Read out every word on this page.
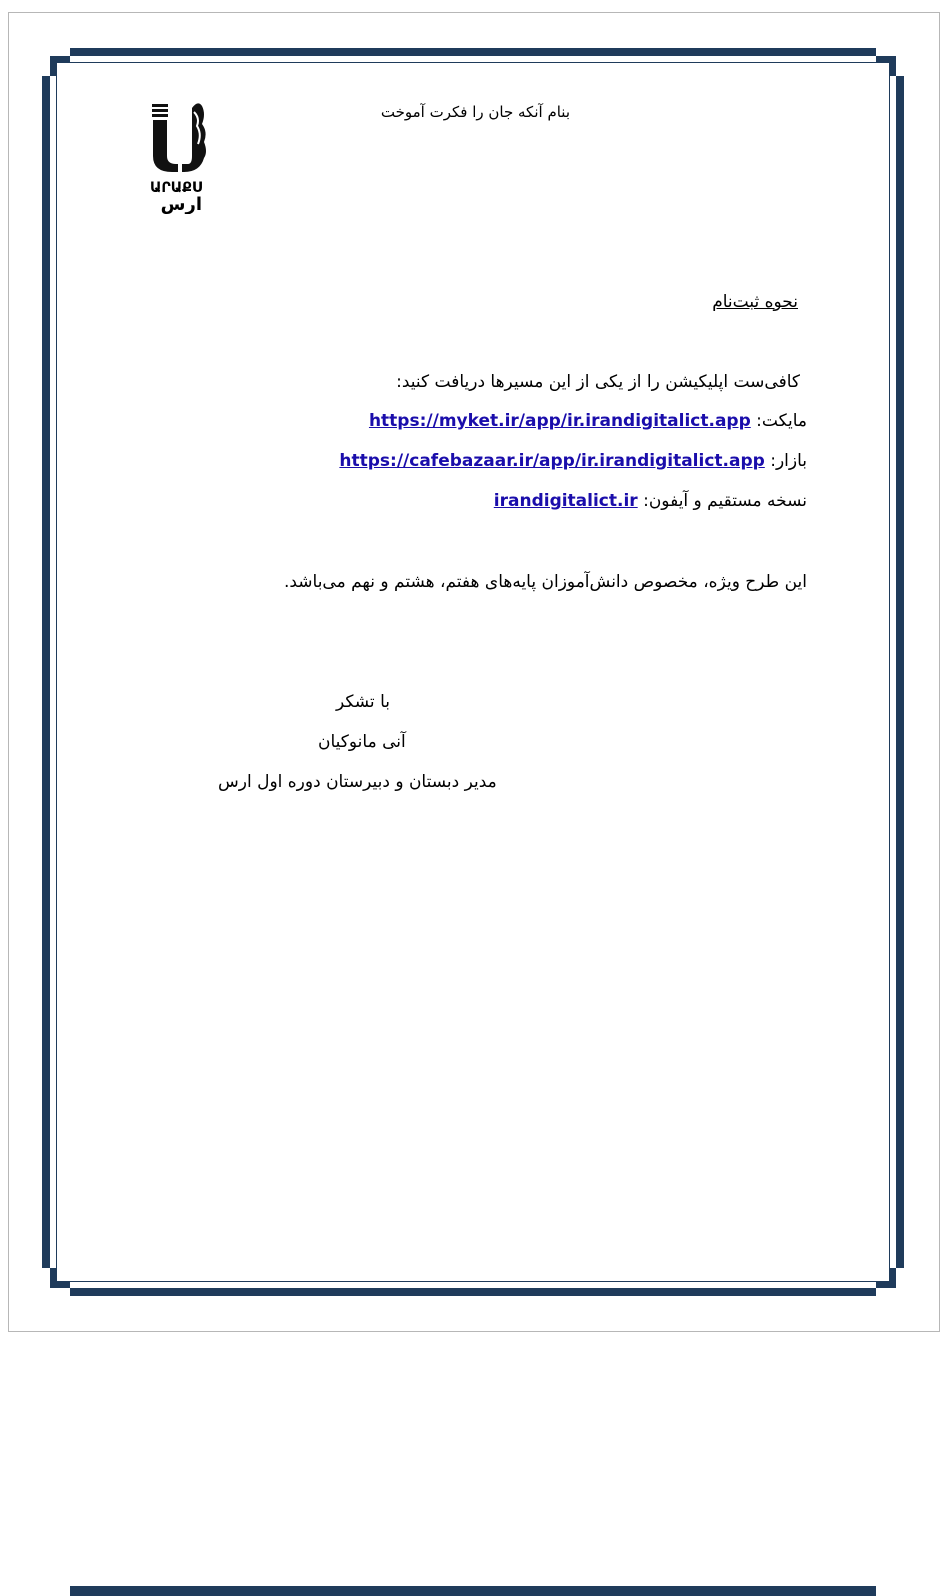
ԱՐԱՔՍ
ارس
بنام آنکه جان را فکرت آموخت
نحوه ثبت‌نام
کافی‌ست اپلیکیشن را از یکی از این مسیرها دریافت کنید:
مایکت: https://myket.ir/app/ir.irandigitalict.app
بازار: https://cafebazaar.ir/app/ir.irandigitalict.app
نسخه مستقیم و آیفون: irandigitalict.ir
این طرح ویژه، مخصوص دانش‌آموزان پایه‌های هفتم، هشتم و نهم می‌باشد.
با تشکر
آنی مانوکیان
مدیر دبستان و دبیرستان دوره اول ارس
